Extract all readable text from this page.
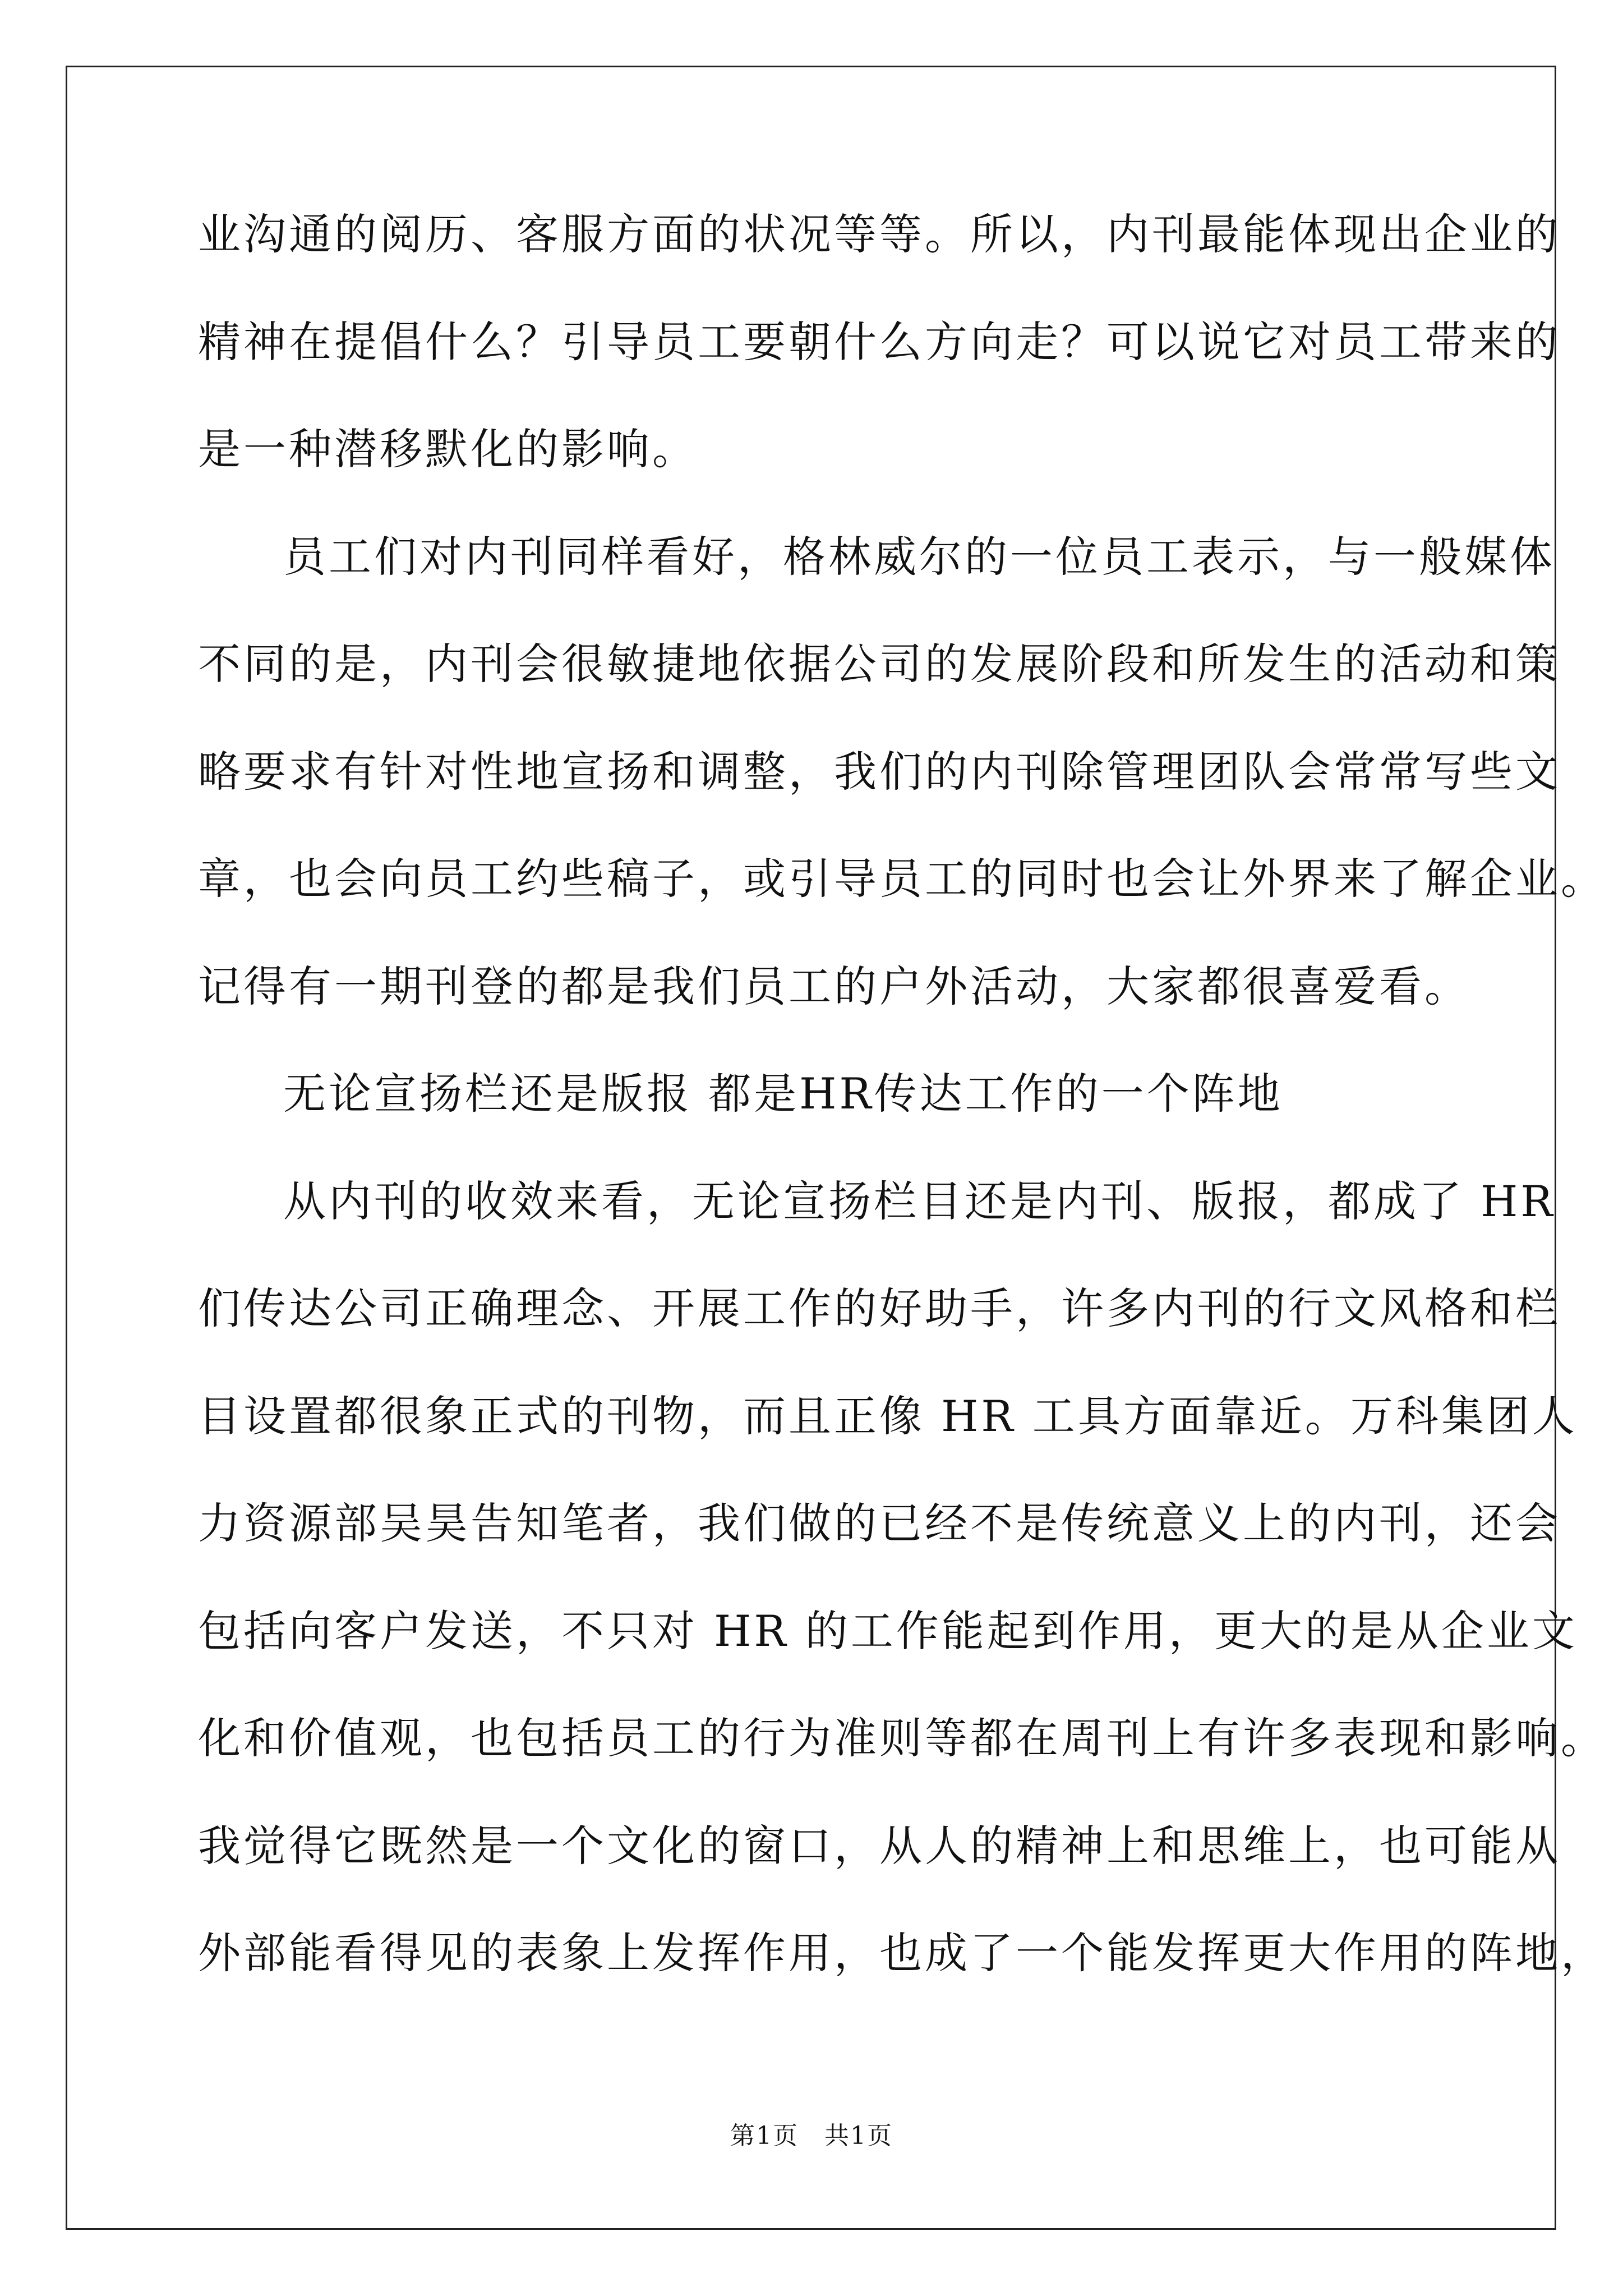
业沟通的阅历、客服方面的状况等等。所以，内刊最能体现出企业的
精神在提倡什么？引导员工要朝什么方向走？可以说它对员工带来的
是一种潜移默化的影响。
员工们对内刊同样看好，格林威尔的一位员工表示，与一般媒体
不同的是，内刊会很敏捷地依据公司的发展阶段和所发生的活动和策
略要求有针对性地宣扬和调整，我们的内刊除管理团队会常常写些文
章，也会向员工约些稿子，或引导员工的同时也会让外界来了解企业。
记得有一期刊登的都是我们员工的户外活动，大家都很喜爱看。
无论宣扬栏还是版报 都是HR传达工作的一个阵地
从内刊的收效来看，无论宣扬栏目还是内刊、版报，都成了 HR
们传达公司正确理念、开展工作的好助手，许多内刊的行文风格和栏
目设置都很象正式的刊物，而且正像 HR 工具方面靠近。万科集团人
力资源部吴昊告知笔者，我们做的已经不是传统意义上的内刊，还会
包括向客户发送，不只对 HR 的工作能起到作用，更大的是从企业文
化和价值观，也包括员工的行为准则等都在周刊上有许多表现和影响。
我觉得它既然是一个文化的窗口，从人的精神上和思维上，也可能从
外部能看得见的表象上发挥作用，也成了一个能发挥更大作用的阵地，
第1页　共1页
